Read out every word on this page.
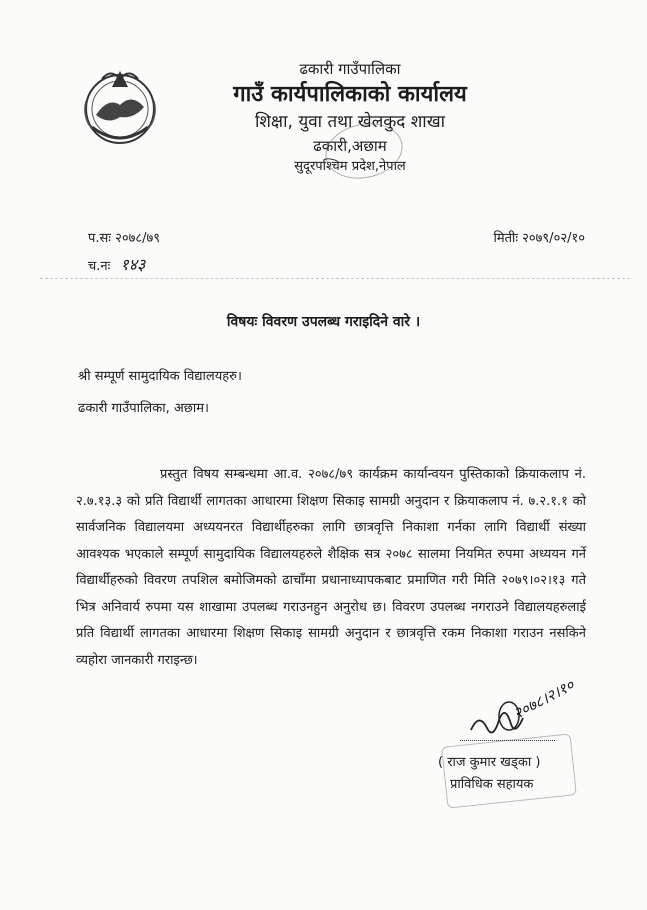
ढकारी गाउँपालिका
गाउँ कार्यपालिकाको कार्यालय
शिक्षा, युवा तथा खेलकुद शाखा
ढकारी,अछाम
सुदूरपश्चिम प्रदेश,नेपाल
प.सः २०७८/७९
च.नः १४३
मितीः २०७९/०२/१०
विषयः विवरण उपलब्ध गराइदिने वारे ।
श्री सम्पूर्ण सामुदायिक विद्यालयहरु।
ढकारी गाउँपालिका, अछाम।
प्रस्तुत विषय सम्बन्धमा आ.व. २०७८/७९ कार्यक्रम कार्यान्वयन पुस्तिकाको क्रियाकलाप नं. २.७.१३.३ को प्रति विद्यार्थी लागतका आधारमा शिक्षण सिकाइ सामग्री अनुदान र क्रियाकलाप नं. ७.२.१.१ को सार्वजनिक विद्यालयमा अध्ययनरत विद्यार्थीहरुका लागि छात्रवृत्ति निकाशा गर्नका लागि विद्यार्थी संख्या आवश्यक भएकाले सम्पूर्ण सामुदायिक विद्यालयहरुले शैक्षिक सत्र २०७८ सालमा नियमित रुपमा अध्ययन गर्ने विद्यार्थीहरुको विवरण तपशिल बमोजिमको ढाचाँमा प्रधानाध्यापकबाट प्रमाणित गरी मिति २०७९।०२।१३ गते भित्र अनिवार्य रुपमा यस शाखामा उपलब्ध गराउनहुन अनुरोध छ। विवरण उपलब्ध नगराउने विद्यालयहरुलाई प्रति विद्यार्थी लागतका आधारमा शिक्षण सिकाइ सामग्री अनुदान र छात्रवृत्ति रकम निकाशा गराउन नसकिने व्यहोरा जानकारी गराइन्छ।
२०७८।२।१०
( राज कुमार खड्का )
प्राविधिक सहायक
